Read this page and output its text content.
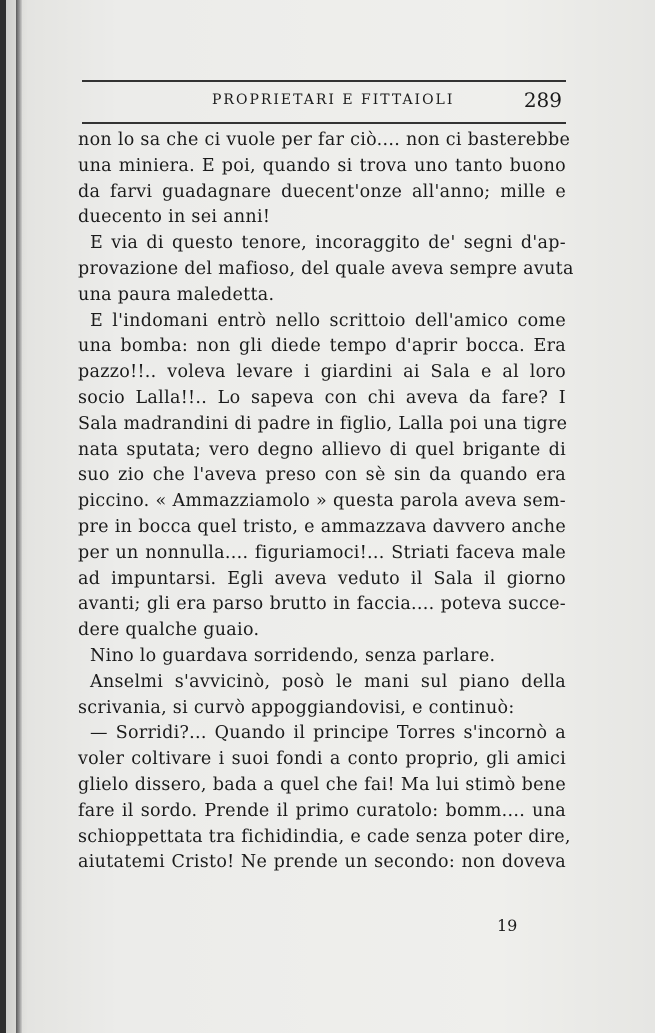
PROPRIETARI E FITTAIOLI	289
non lo sa che ci vuole per far ciò.... non ci basterebbe
una miniera. E poi, quando si trova uno tanto buono
da farvi guadagnare duecent'onze all'anno; mille e
duecento in sei anni!
E via di questo tenore, incoraggito de' segni d'ap-
provazione del mafioso, del quale aveva sempre avuta
una paura maledetta.
E l'indomani entrò nello scrittoio dell'amico come
una bomba: non gli diede tempo d'aprir bocca. Era
pazzo!!.. voleva levare i giardini ai Sala e al loro
socio Lalla!!.. Lo sapeva con chi aveva da fare? I
Sala madrandini di padre in figlio, Lalla poi una tigre
nata sputata; vero degno allievo di quel brigante di
suo zio che l'aveva preso con sè sin da quando era
piccino. « Ammazziamolo » questa parola aveva sem-
pre in bocca quel tristo, e ammazzava davvero anche
per un nonnulla.... figuriamoci!... Striati faceva male
ad impuntarsi. Egli aveva veduto il Sala il giorno
avanti; gli era parso brutto in faccia.... poteva succe-
dere qualche guaio.
Nino lo guardava sorridendo, senza parlare.
Anselmi s'avvicinò, posò le mani sul piano della
scrivania, si curvò appoggiandovisi, e continuò:
— Sorridi?... Quando il principe Torres s'incornò a
voler coltivare i suoi fondi a conto proprio, gli amici
glielo dissero, bada a quel che fai! Ma lui stimò bene
fare il sordo. Prende il primo curatolo: bomm.... una
schioppettata tra fichidindia, e cade senza poter dire,
aiutatemi Cristo! Ne prende un secondo: non doveva
19
